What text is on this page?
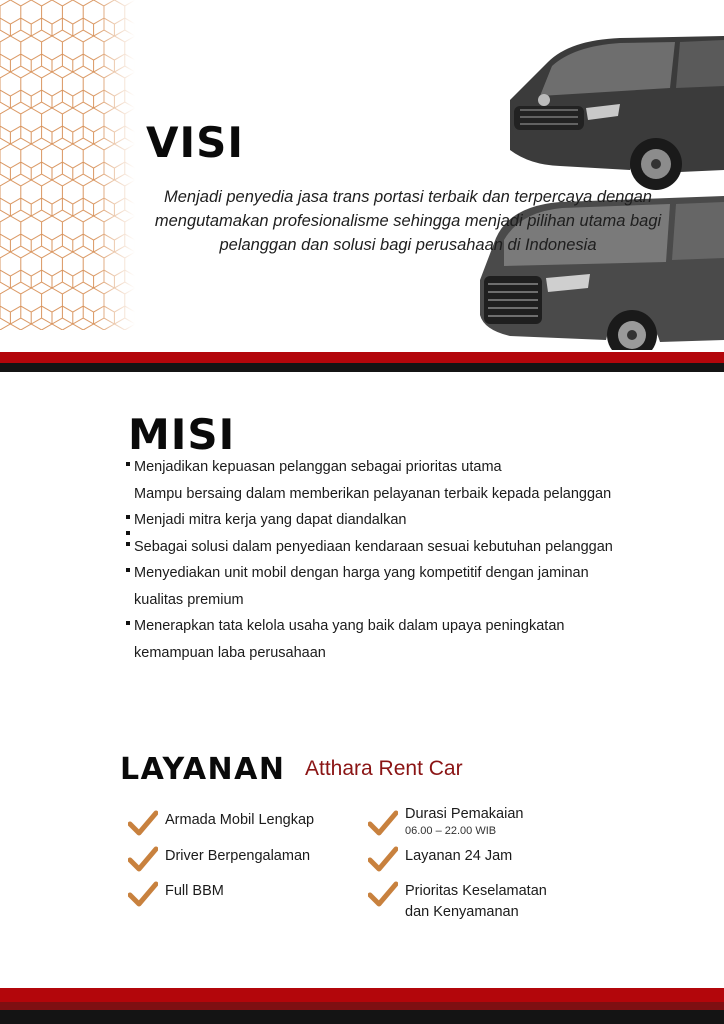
VISI

Menjadi penyedia jasa trans portasi terbaik dan terpercaya dengan mengutamakan profesionalisme sehingga menjadi pilihan utama bagi pelanggan dan solusi bagi perusahaan di Indonesia

MISI
Menjadikan kepuasan pelanggan sebagai prioritas utama
Mampu bersaing dalam memberikan pelayanan terbaik kepada pelanggan
Menjadi mitra kerja yang dapat diandalkan
Sebagai solusi dalam penyediaan kendaraan sesuai kebutuhan pelanggan
Menyediakan unit mobil dengan harga yang kompetitif dengan jaminan kualitas premium
Menerapkan tata kelola usaha yang baik dalam upaya peningkatan kemampuan laba perusahaan
LAYANAN Atthara Rent Car
Armada Mobil Lengkap
Driver Berpengalaman
Full BBM
Durasi Pemakaian
06.00 – 22.00 WIB
Layanan 24 Jam
Prioritas Keselamatan dan Kenyamanan
